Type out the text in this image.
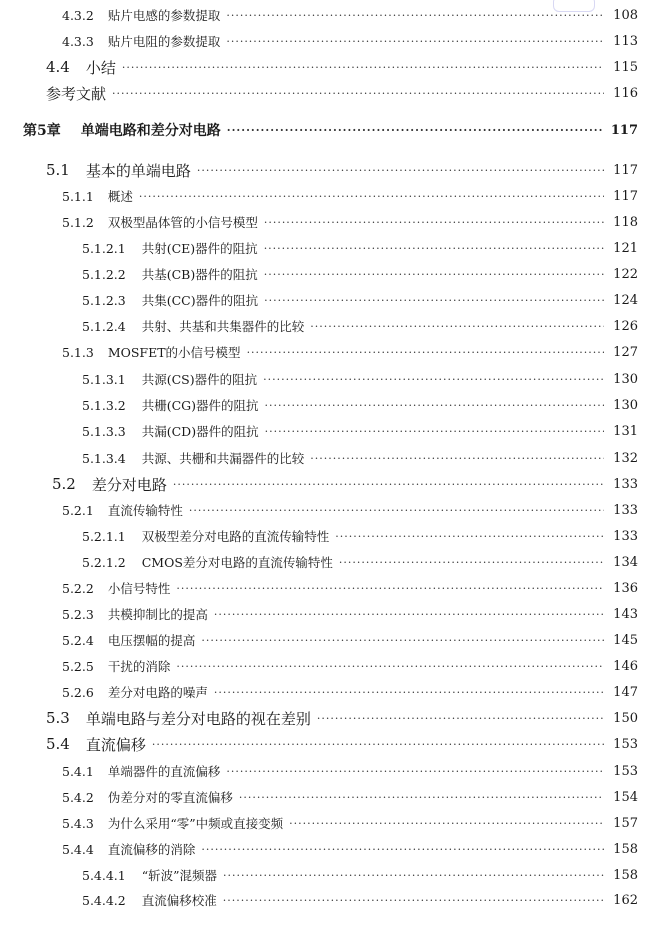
4.3.2 贴片电感的参数提取 ·····	108
4.3.3 贴片电阻的参数提取 ·····	113
4.4 小结 ·····	115
参考文献 ·····	116
第5章 单端电路和差分对电路 ·····	117
5.1 基本的单端电路 ·····	117
5.1.1 概述 ·····	117
5.1.2 双极型晶体管的小信号模型 ·····	118
5.1.2.1 共射(CE)器件的阻抗 ·····	121
5.1.2.2 共基(CB)器件的阻抗 ·····	122
5.1.2.3 共集(CC)器件的阻抗 ·····	124
5.1.2.4 共射、共基和共集器件的比较 ·····	126
5.1.3 MOSFET的小信号模型 ·····	127
5.1.3.1 共源(CS)器件的阻抗 ·····	130
5.1.3.2 共栅(CG)器件的阻抗 ·····	130
5.1.3.3 共漏(CD)器件的阻抗 ·····	131
5.1.3.4 共源、共栅和共漏器件的比较 ·····	132
5.2 差分对电路 ·····	133
5.2.1 直流传输特性 ·····	133
5.2.1.1 双极型差分对电路的直流传输特性 ·····	133
5.2.1.2 CMOS差分对电路的直流传输特性 ·····	134
5.2.2 小信号特性 ·····	136
5.2.3 共模抑制比的提高 ·····	143
5.2.4 电压摆幅的提高 ·····	145
5.2.5 干扰的消除 ·····	146
5.2.6 差分对电路的噪声 ·····	147
5.3 单端电路与差分对电路的视在差别 ·····	150
5.4 直流偏移 ·····	153
5.4.1 单端器件的直流偏移 ·····	153
5.4.2 伪差分对的零直流偏移 ·····	154
5.4.3 为什么采用“零”中频或直接变频 ·····	157
5.4.4 直流偏移的消除 ·····	158
5.4.4.1 “斩波”混频器 ·····	158
5.4.4.2 直流偏移校准 ·····	162
